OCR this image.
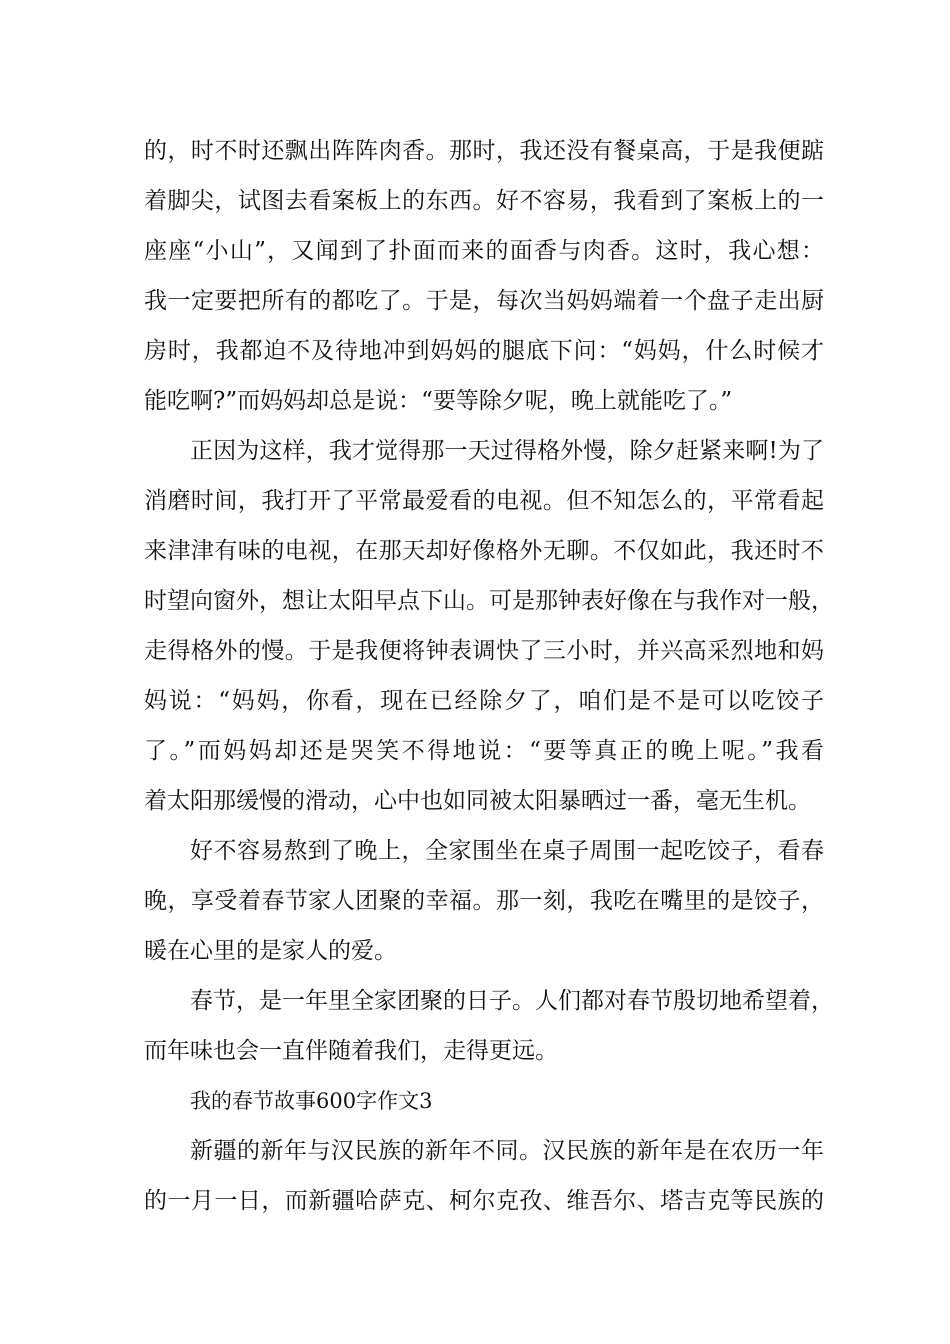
的，时不时还飘出阵阵肉香。那时，我还没有餐桌高，于是我便踮

着脚尖，试图去看案板上的东西。好不容易，我看到了案板上的一

座座“小山”，又闻到了扑面而来的面香与肉香。这时，我心想：

我一定要把所有的都吃了。于是，每次当妈妈端着一个盘子走出厨

房时，我都迫不及待地冲到妈妈的腿底下问：“妈妈，什么时候才

能吃啊?”而妈妈却总是说：“要等除夕呢，晚上就能吃了。”

正因为这样，我才觉得那一天过得格外慢，除夕赶紧来啊!为了

消磨时间，我打开了平常最爱看的电视。但不知怎么的，平常看起

来津津有味的电视，在那天却好像格外无聊。不仅如此，我还时不

时望向窗外，想让太阳早点下山。可是那钟表好像在与我作对一般，

走得格外的慢。于是我便将钟表调快了三小时，并兴高采烈地和妈

妈说：“妈妈，你看，现在已经除夕了，咱们是不是可以吃饺子

了。”而妈妈却还是哭笑不得地说：“要等真正的晚上呢。”我看

着太阳那缓慢的滑动，心中也如同被太阳暴晒过一番，毫无生机。

好不容易熬到了晚上，全家围坐在桌子周围一起吃饺子，看春

晚，享受着春节家人团聚的幸福。那一刻，我吃在嘴里的是饺子，

暖在心里的是家人的爱。

春节，是一年里全家团聚的日子。人们都对春节殷切地希望着，

而年味也会一直伴随着我们，走得更远。

我的春节故事600字作文3

新疆的新年与汉民族的新年不同。汉民族的新年是在农历一年

的一月一日，而新疆哈萨克、柯尔克孜、维吾尔、塔吉克等民族的
